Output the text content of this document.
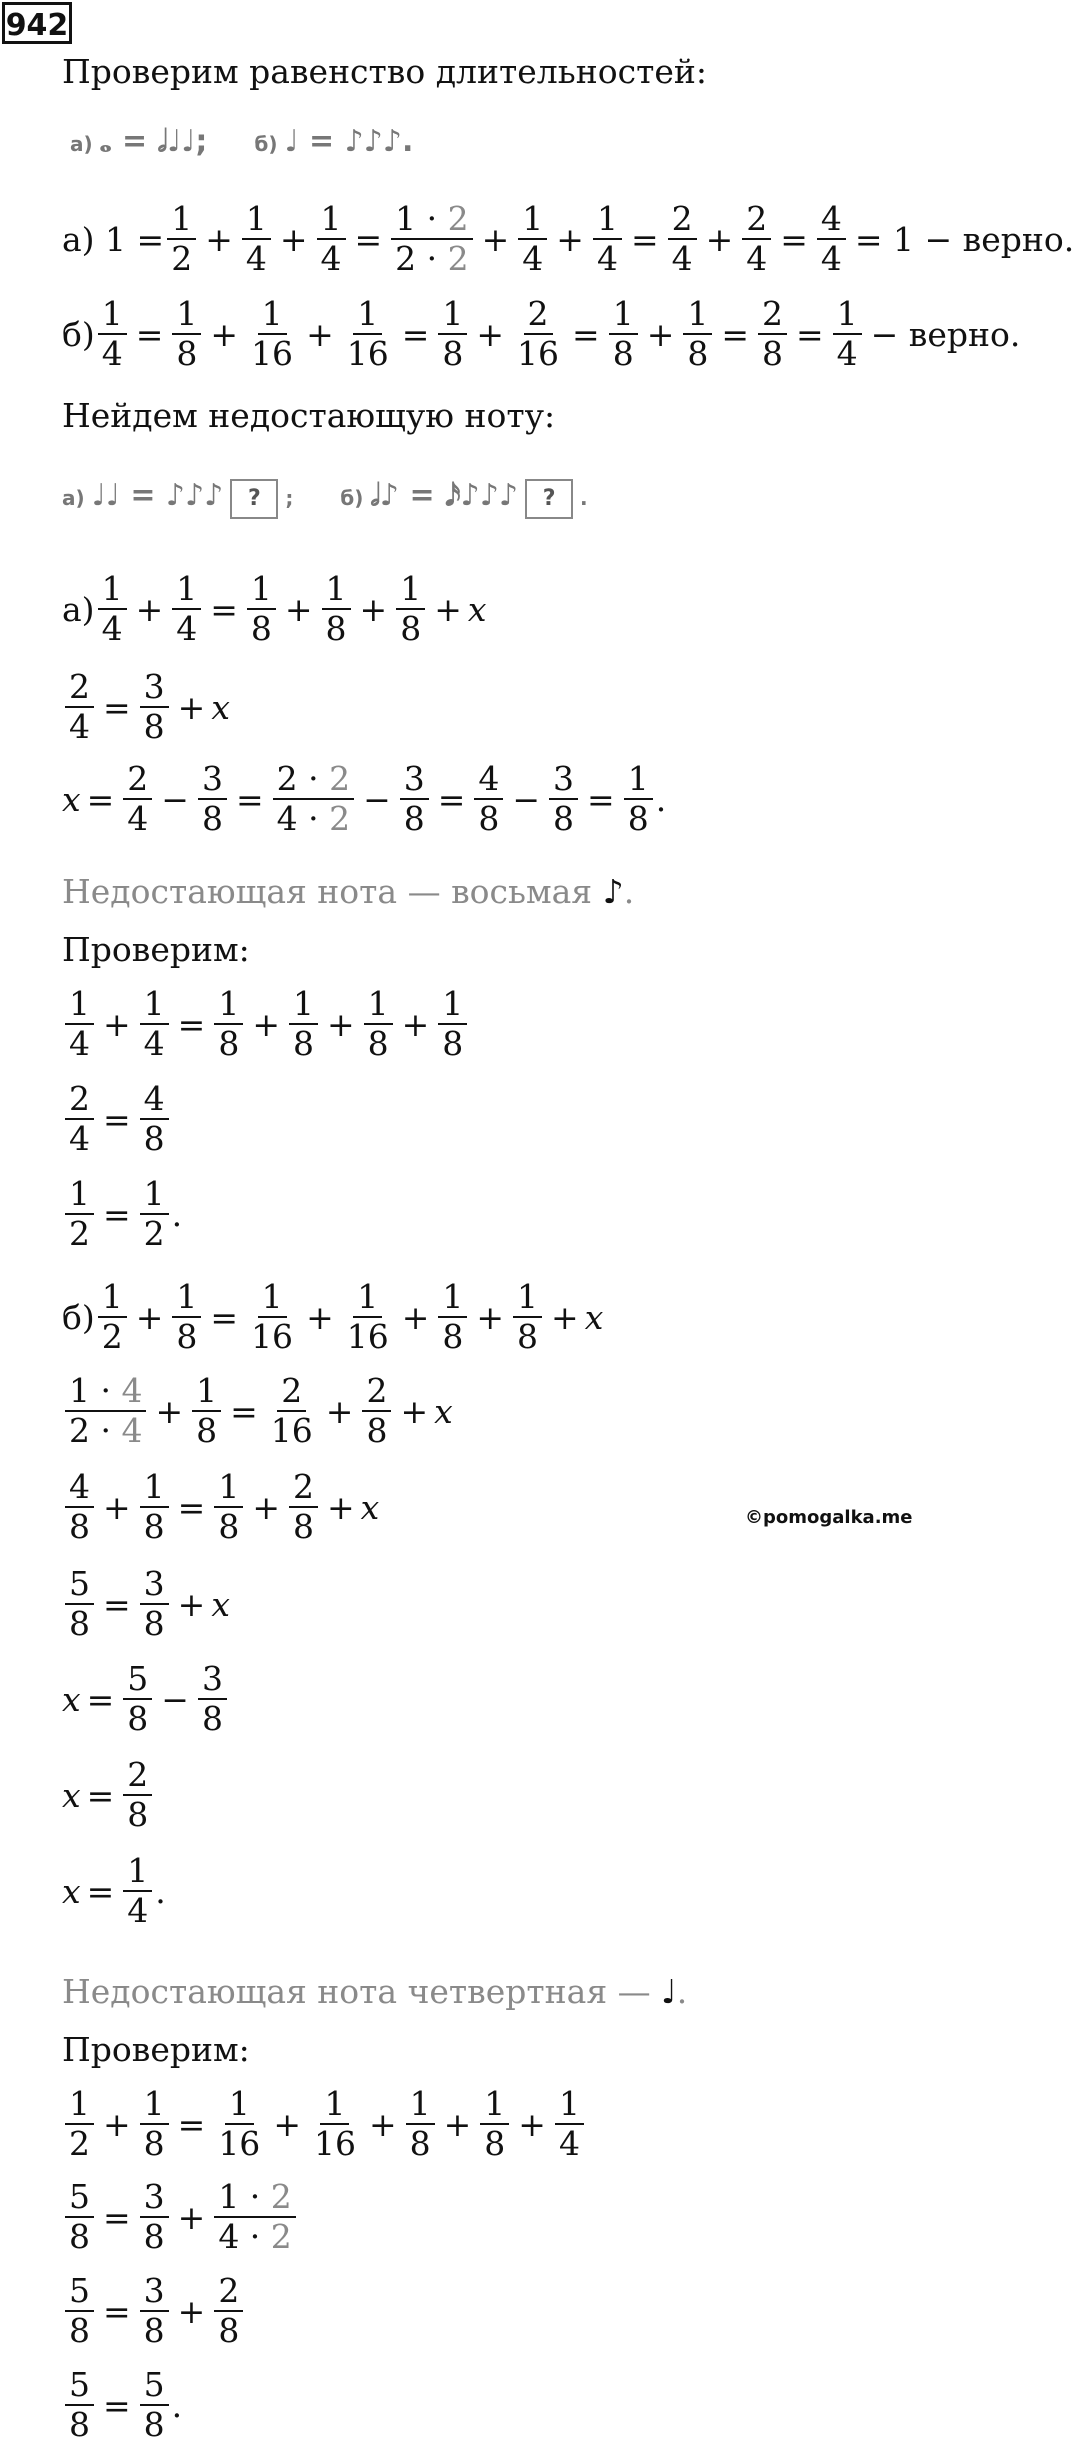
942
Проверим равенство длительностей:
а) 𝅝 = 𝅗𝅥♩♩; б) ♩ = ♪♪♪.
а) $1 = \frac{1}{2} + \frac{1}{4} + \frac{1}{4} = \frac{1 \cdot 2}{2 \cdot 2} + \frac{1}{4} + \frac{1}{4} = \frac{2}{4} + \frac{2}{4} = \frac{4}{4} = 1$ − верно.
$б) \frac{1}{4} = \frac{1}{8} + \frac{1}{16} + \frac{1}{16} = \frac{1}{8} + \frac{2}{16} = \frac{1}{8} + \frac{1}{8} = \frac{2}{8} = \frac{1}{4}$ − верно.
Нейдем недостающую ноту:
а) ♩♩ = ♪♪♪ ? ; б) 𝅗𝅥♪ = 𝅘𝅥𝅯♪♪♪ ? .
а)
1
$4 + \frac{1}{4} = \frac{1}{8} + \frac{1}{8} + \frac{1}{8} + x$
$\frac{2}{4} = \frac{3}{8} + x$
$x = \frac{2}{4} - \frac{3}{8} = \frac{2 \cdot 2}{4 \cdot 2} - \frac{3}{8} = \frac{4}{8} - \frac{3}{8} = \frac{1}{8}$ .
Недостающая нота — восьмая ♪.
Проверим:
1
$4 + \frac{1}{4} = \frac{1}{8} + \frac{1}{8} + \frac{1}{8} + \frac{1}{8}$
$\frac{2}{4} = \frac{4}{8}$
$\frac{1}{2} = \frac{1}{2}$ .
б)
1
$2 + \frac{1}{8} = \frac{1}{16} + \frac{1}{16} + \frac{1}{8} + \frac{1}{8} + x$
1 · 4
$2 \cdot 4 + \frac{1}{8} = \frac{2}{16} + \frac{2}{8} + x$
4
$8 + \frac{1}{8} = \frac{1}{8} + \frac{2}{8} + x$	©pomogalka.me
$\frac{5}{8} = \frac{3}{8} + x$
$x = \frac{5}{8} - \frac{3}{8}$
$x = \frac{2}{8}$
$x = \frac{1}{4}$ .
Недостающая нота четвертная — ♩.
Проверим:
1
$2 + \frac{1}{8} = \frac{1}{16} + \frac{1}{16} + \frac{1}{8} + \frac{1}{8} + \frac{1}{4}$
$\frac{5}{8} = \frac{3}{8} + \frac{1 \cdot 2}{4 \cdot 2}$
$\frac{5}{8} = \frac{3}{8} + \frac{2}{8}$
$\frac{5}{8} = \frac{5}{8}$ .
